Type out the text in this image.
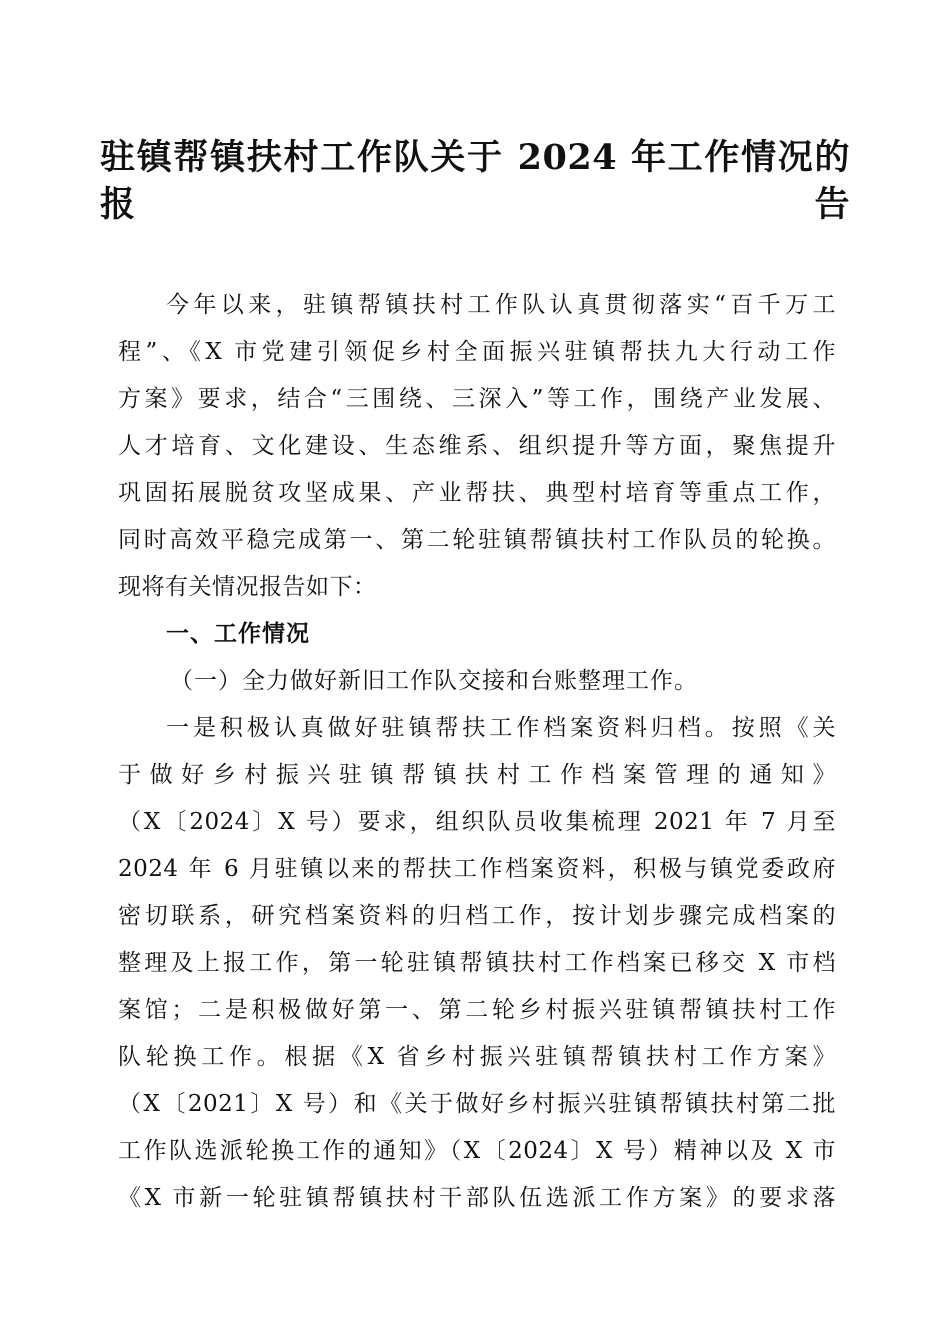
驻镇帮镇扶村工作队关于 2024 年工作情况的
报告
今年以来，驻镇帮镇扶村工作队认真贯彻落实“百千万工
程”、《X 市党建引领促乡村全面振兴驻镇帮扶九大行动工作
方案》要求，结合“三围绕、三深入”等工作，围绕产业发展、
人才培育、文化建设、生态维系、组织提升等方面，聚焦提升
巩固拓展脱贫攻坚成果、产业帮扶、典型村培育等重点工作，
同时高效平稳完成第一、第二轮驻镇帮镇扶村工作队员的轮换。
现将有关情况报告如下：
一、工作情况
（一）全力做好新旧工作队交接和台账整理工作。
一是积极认真做好驻镇帮扶工作档案资料归档。按照《关
于做好乡村振兴驻镇帮镇扶村工作档案管理的通知》
（X〔2024〕X 号）要求，组织队员收集梳理 2021 年 7 月至
2024 年 6 月驻镇以来的帮扶工作档案资料，积极与镇党委政府
密切联系，研究档案资料的归档工作，按计划步骤完成档案的
整理及上报工作，第一轮驻镇帮镇扶村工作档案已移交 X 市档
案馆；二是积极做好第一、第二轮乡村振兴驻镇帮镇扶村工作
队轮换工作。根据《X 省乡村振兴驻镇帮镇扶村工作方案》
（X〔2021〕X 号）和《关于做好乡村振兴驻镇帮镇扶村第二批
工作队选派轮换工作的通知》（X〔2024〕X 号）精神以及 X 市
《X 市新一轮驻镇帮镇扶村干部队伍选派工作方案》的要求落
